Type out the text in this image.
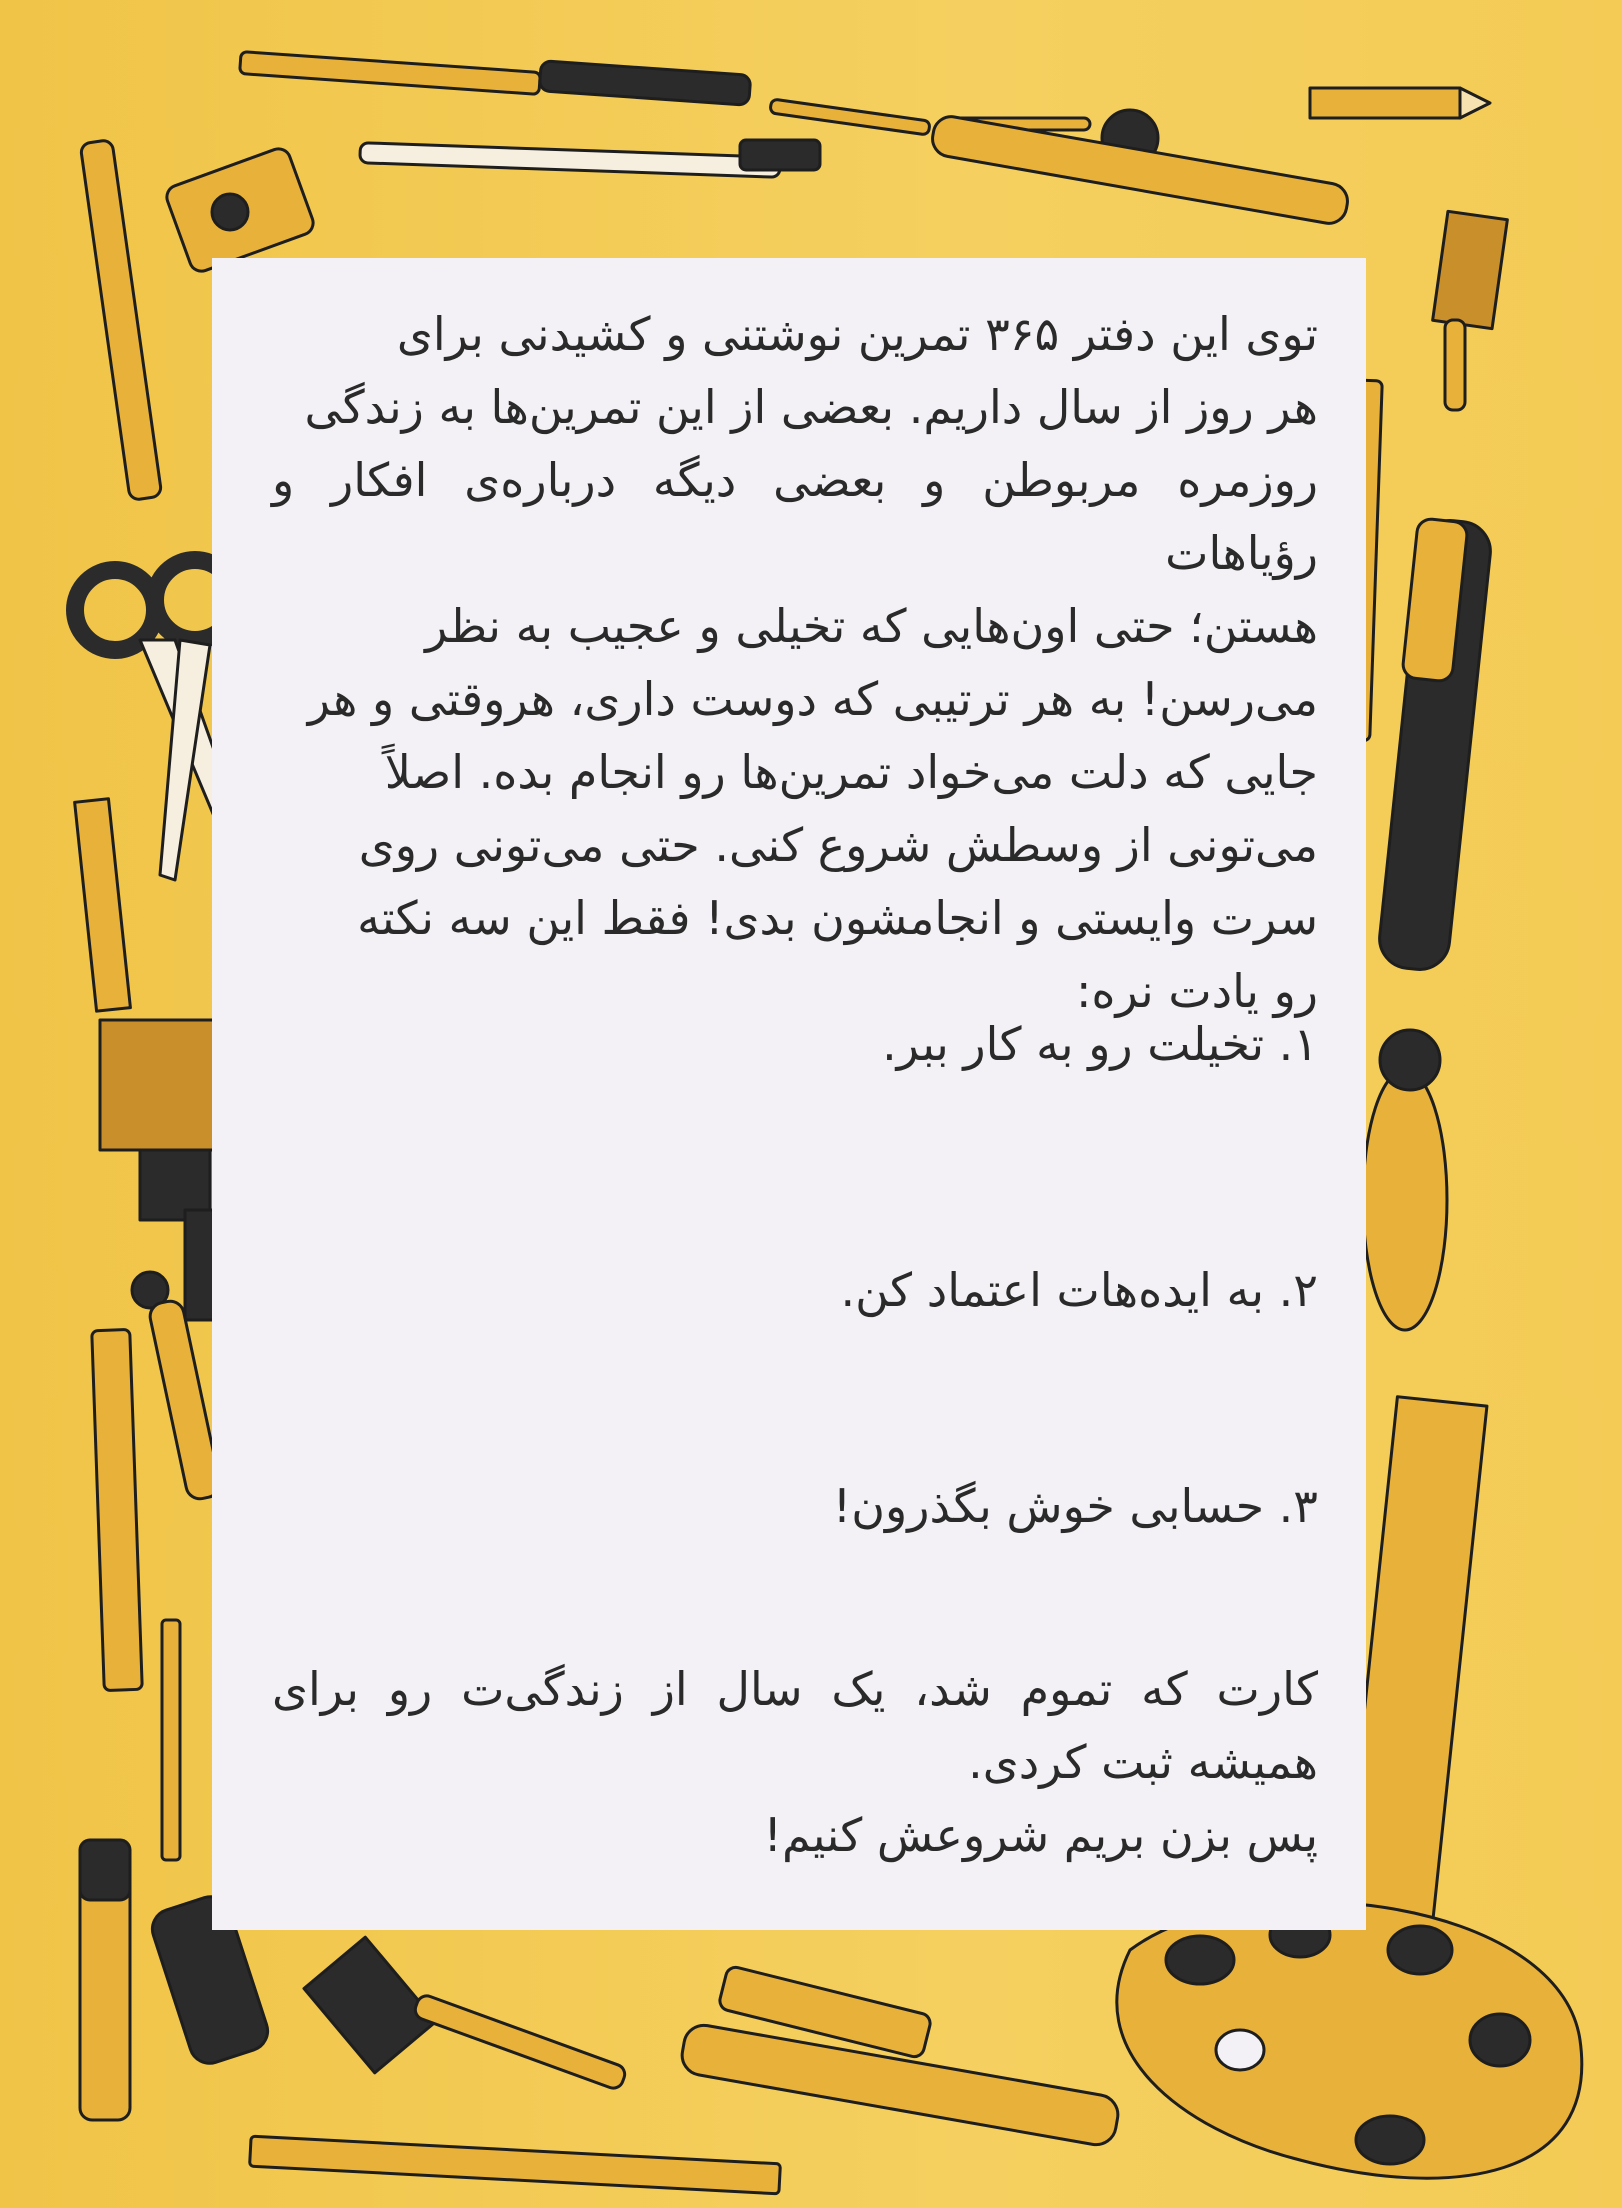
توی این دفتر ۳۶۵ تمرین نوشتنی و کشیدنی برای

هر روز از سال داریم. بعضی از این تمرین‌ها به زندگی

روزمره مربوطن و بعضی دیگه درباره‌ی افکار و رؤیاهات

هستن؛ حتی اون‌هایی که تخیلی و عجیب به نظر

می‌رسن! به هر ترتیبی که دوست داری، هروقتی و هر

جایی که دلت می‌خواد تمرین‌ها رو انجام بده. اصلاً

می‌تونی از وسطش شروع کنی. حتی می‌تونی روی

سرت وایستی و انجامشون بدی! فقط این سه نکته

رو یادت نره:

۱. تخیلت رو به کار ببر.

۲. به ایده‌هات اعتماد کن.

۳. حسابی خوش بگذرون!

کارت که تموم شد، یک سال از زندگی‌ت رو برای

همیشه ثبت کردی.

پس بزن بریم شروعش کنیم!
